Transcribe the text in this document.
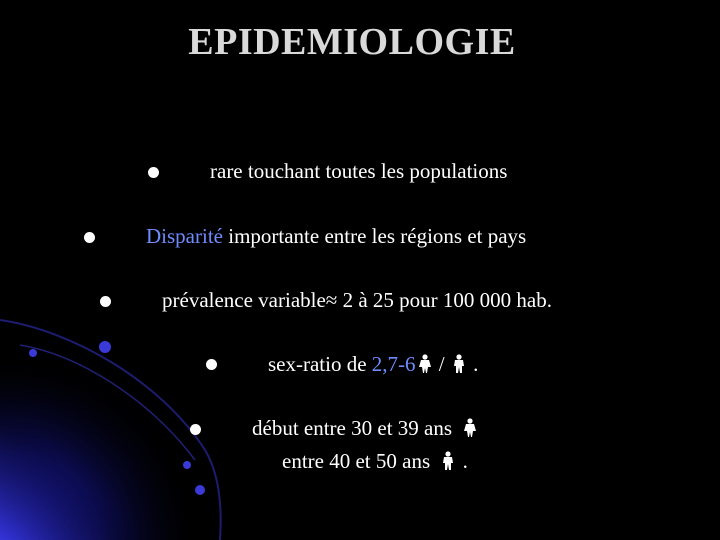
EPIDEMIOLOGIE
rare touchant toutes les populations
Disparité importante entre les régions et pays
prévalence variable≈ 2 à 25 pour 100 000 hab.
sex-ratio de 2,7-6 /  .
début entre 30 et 39 ans
entre 40 et 50 ans .
